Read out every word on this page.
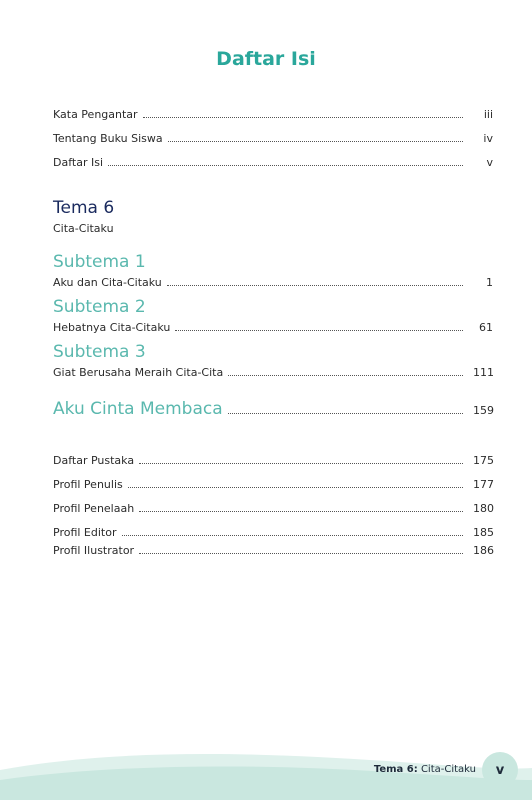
Daftar Isi
Kata Pengantar	iii
Tentang Buku Siswa	iv
Daftar Isi	v
Tema 6
Cita-Citaku
Subtema 1
Aku dan Cita-Citaku	1
Subtema 2
Hebatnya Cita-Citaku	61
Subtema 3
Giat Berusaha Meraih Cita-Cita	111
Aku Cinta Membaca	159
Daftar Pustaka	175
Profil Penulis	177
Profil Penelaah	180
Profil Editor	185
Profil Ilustrator	186
Tema 6: Cita-Citaku	v
